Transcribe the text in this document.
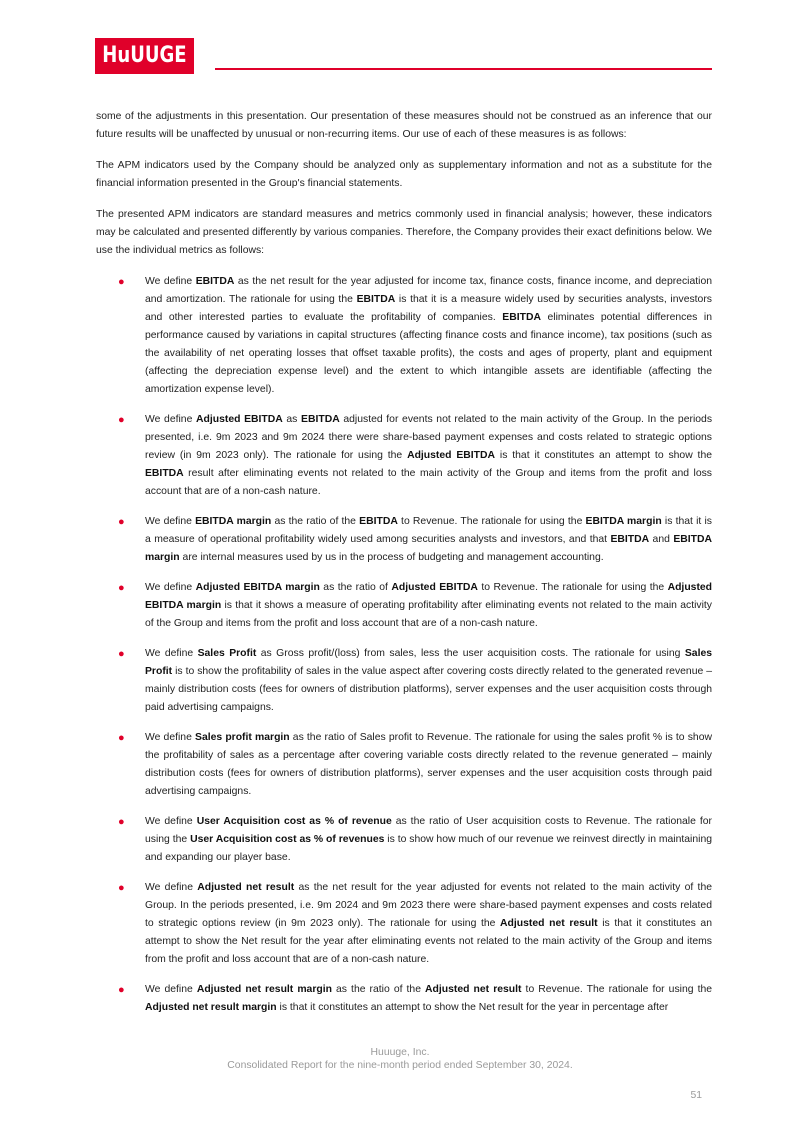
HuUUGE

some of the adjustments in this presentation. Our presentation of these measures should not be construed as an inference that our future results will be unaffected by unusual or non-recurring items. Our use of each of these measures is as follows:

The APM indicators used by the Company should be analyzed only as supplementary information and not as a substitute for the financial information presented in the Group's financial statements.

The presented APM indicators are standard measures and metrics commonly used in financial analysis; however, these indicators may be calculated and presented differently by various companies. Therefore, the Company provides their exact definitions below. We use the individual metrics as follows:

● We define EBITDA as the net result for the year adjusted for income tax, finance costs, finance income, and depreciation and amortization. The rationale for using the EBITDA is that it is a measure widely used by securities analysts, investors and other interested parties to evaluate the profitability of companies. EBITDA eliminates potential differences in performance caused by variations in capital structures (affecting finance costs and finance income), tax positions (such as the availability of net operating losses that offset taxable profits), the costs and ages of property, plant and equipment (affecting the depreciation expense level) and the extent to which intangible assets are identifiable (affecting the amortization expense level).
● We define Adjusted EBITDA as EBITDA adjusted for events not related to the main activity of the Group. In the periods presented, i.e. 9m 2023 and 9m 2024 there were share-based payment expenses and costs related to strategic options review (in 9m 2023 only). The rationale for using the Adjusted EBITDA is that it constitutes an attempt to show the EBITDA result after eliminating events not related to the main activity of the Group and items from the profit and loss account that are of a non-cash nature.
● We define EBITDA margin as the ratio of the EBITDA to Revenue. The rationale for using the EBITDA margin is that it is a measure of operational profitability widely used among securities analysts and investors, and that EBITDA and EBITDA margin are internal measures used by us in the process of budgeting and management accounting.
● We define Adjusted EBITDA margin as the ratio of Adjusted EBITDA to Revenue. The rationale for using the Adjusted EBITDA margin is that it shows a measure of operating profitability after eliminating events not related to the main activity of the Group and items from the profit and loss account that are of a non-cash nature.
● We define Sales Profit as Gross profit/(loss) from sales, less the user acquisition costs. The rationale for using Sales Profit is to show the profitability of sales in the value aspect after covering costs directly related to the generated revenue – mainly distribution costs (fees for owners of distribution platforms), server expenses and the user acquisition costs through paid advertising campaigns.
● We define Sales profit margin as the ratio of Sales profit to Revenue. The rationale for using the sales profit % is to show the profitability of sales as a percentage after covering variable costs directly related to the revenue generated – mainly distribution costs (fees for owners of distribution platforms), server expenses and the user acquisition costs through paid advertising campaigns.
● We define User Acquisition cost as % of revenue as the ratio of User acquisition costs to Revenue. The rationale for using the User Acquisition cost as % of revenues is to show how much of our revenue we reinvest directly in maintaining and expanding our player base.
● We define Adjusted net result as the net result for the year adjusted for events not related to the main activity of the Group. In the periods presented, i.e. 9m 2024 and 9m 2023 there were share-based payment expenses and costs related to strategic options review (in 9m 2023 only). The rationale for using the Adjusted net result is that it constitutes an attempt to show the Net result for the year after eliminating events not related to the main activity of the Group and items from the profit and loss account that are of a non-cash nature.
● We define Adjusted net result margin as the ratio of the Adjusted net result to Revenue. The rationale for using the Adjusted net result margin is that it constitutes an attempt to show the Net result for the year in percentage after
Huuuge, Inc.
Consolidated Report for the nine-month period ended September 30, 2024.
51
